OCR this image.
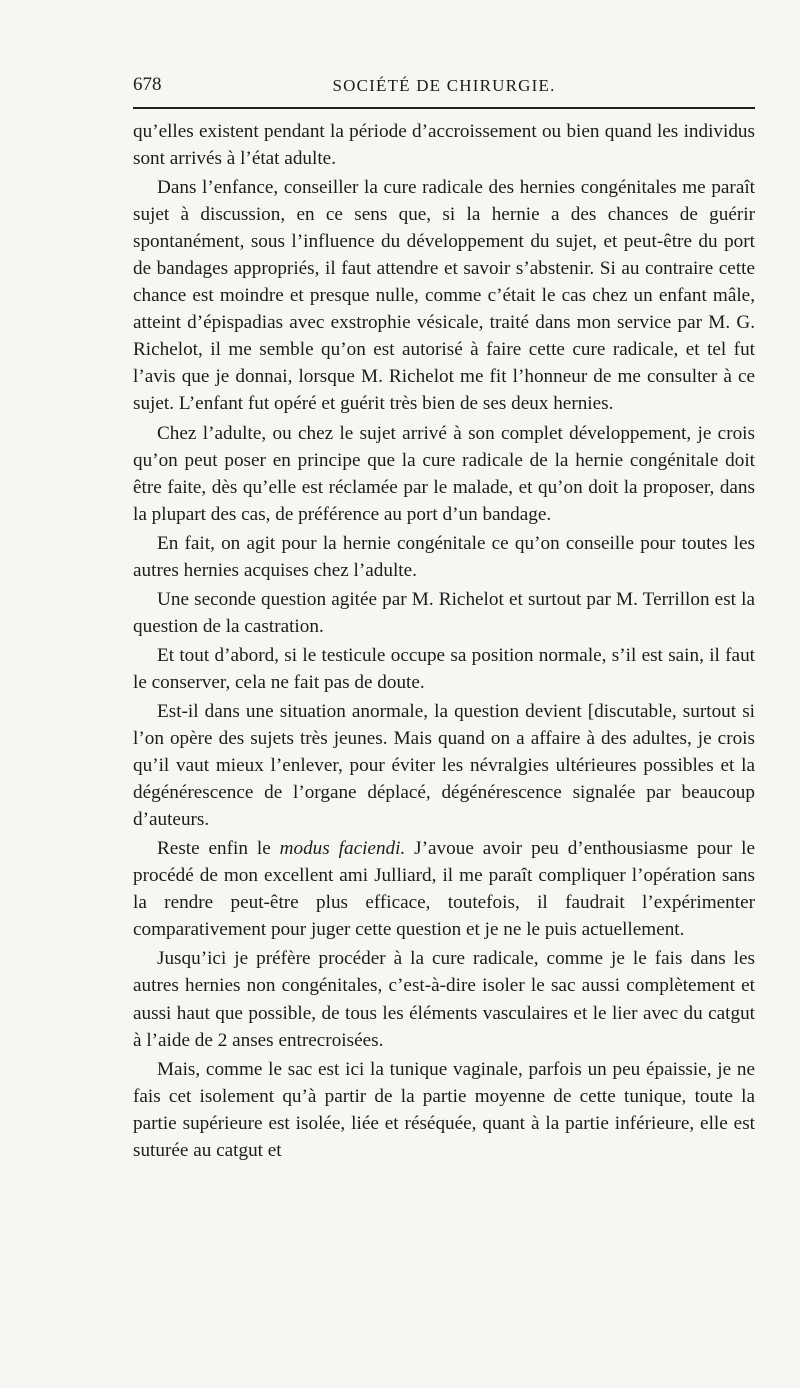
678	SOCIÉTÉ DE CHIRURGIE.

qu’elles existent pendant la période d’accroissement ou bien quand les individus sont arrivés à l’état adulte.

Dans l’enfance, conseiller la cure radicale des hernies congénitales me paraît sujet à discussion, en ce sens que, si la hernie a des chances de guérir spontanément, sous l’influence du développement du sujet, et peut-être du port de bandages appropriés, il faut attendre et savoir s’abstenir. Si au contraire cette chance est moindre et presque nulle, comme c’était le cas chez un enfant mâle, atteint d’épispadias avec exstrophie vésicale, traité dans mon service par M. G. Richelot, il me semble qu’on est autorisé à faire cette cure radicale, et tel fut l’avis que je donnai, lorsque M. Richelot me fit l’honneur de me consulter à ce sujet. L’enfant fut opéré et guérit très bien de ses deux hernies.

Chez l’adulte, ou chez le sujet arrivé à son complet développement, je crois qu’on peut poser en principe que la cure radicale de la hernie congénitale doit être faite, dès qu’elle est réclamée par le malade, et qu’on doit la proposer, dans la plupart des cas, de préférence au port d’un bandage.

En fait, on agit pour la hernie congénitale ce qu’on conseille pour toutes les autres hernies acquises chez l’adulte.

Une seconde question agitée par M. Richelot et surtout par M. Terrillon est la question de la castration.

Et tout d’abord, si le testicule occupe sa position normale, s’il est sain, il faut le conserver, cela ne fait pas de doute.

Est-il dans une situation anormale, la question devient [discutable, surtout si l’on opère des sujets très jeunes. Mais quand on a affaire à des adultes, je crois qu’il vaut mieux l’enlever, pour éviter les névralgies ultérieures possibles et la dégénérescence de l’organe déplacé, dégénérescence signalée par beaucoup d’auteurs.

Reste enfin le modus faciendi. J’avoue avoir peu d’enthousiasme pour le procédé de mon excellent ami Julliard, il me paraît compliquer l’opération sans la rendre peut-être plus efficace, toutefois, il faudrait l’expérimenter comparativement pour juger cette question et je ne le puis actuellement.

Jusqu’ici je préfère procéder à la cure radicale, comme je le fais dans les autres hernies non congénitales, c’est-à-dire isoler le sac aussi complètement et aussi haut que possible, de tous les éléments vasculaires et le lier avec du catgut à l’aide de 2 anses entrecroisées.

Mais, comme le sac est ici la tunique vaginale, parfois un peu épaissie, je ne fais cet isolement qu’à partir de la partie moyenne de cette tunique, toute la partie supérieure est isolée, liée et réséquée, quant à la partie inférieure, elle est suturée au catgut et
